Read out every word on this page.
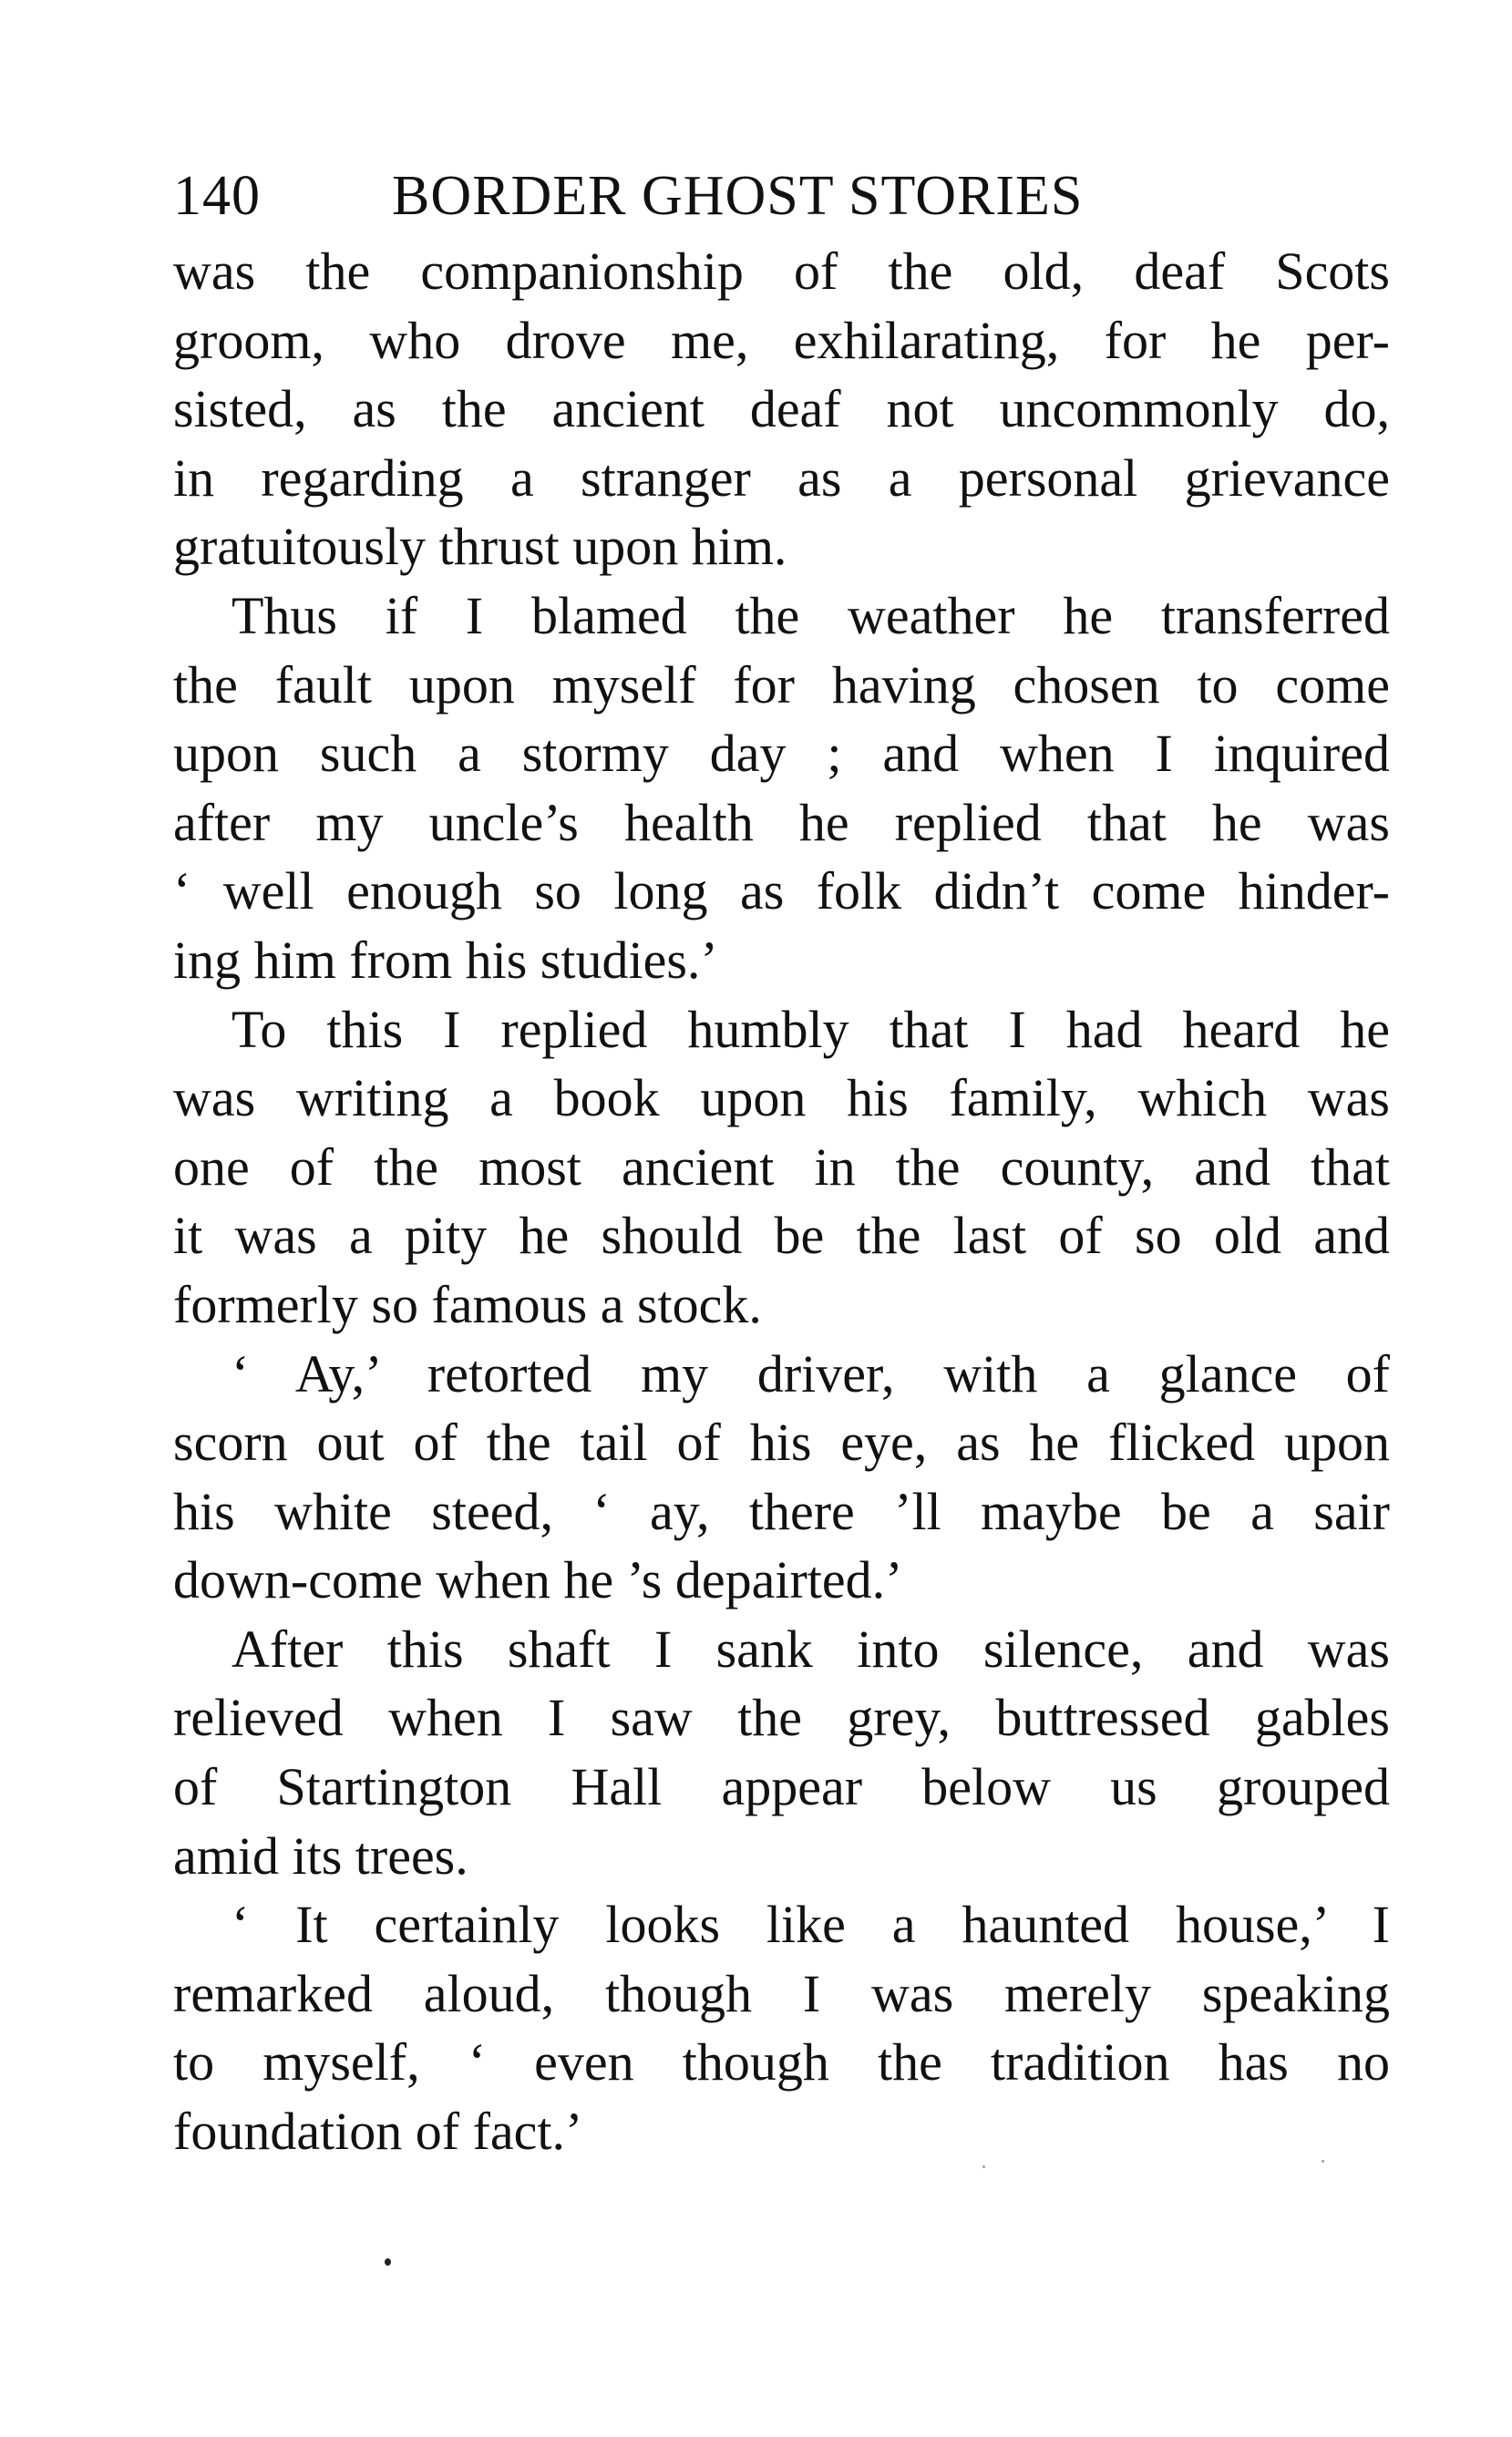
140 BORDER GHOST STORIES
was the companionship of the old, deaf Scots
groom, who drove me, exhilarating, for he per-
sisted, as the ancient deaf not uncommonly do,
in regarding a stranger as a personal grievance
gratuitously thrust upon him.
Thus if I blamed the weather he transferred
the fault upon myself for having chosen to come
upon such a stormy day ; and when I inquired
after my uncle’s health he replied that he was
‘ well enough so long as folk didn’t come hinder-
ing him from his studies.’
To this I replied humbly that I had heard he
was writing a book upon his family, which was
one of the most ancient in the county, and that
it was a pity he should be the last of so old and
formerly so famous a stock.
‘ Ay,’ retorted my driver, with a glance of
scorn out of the tail of his eye, as he flicked upon
his white steed, ‘ ay, there ’ll maybe be a sair
down-come when he ’s depairted.’
After this shaft I sank into silence, and was
relieved when I saw the grey, buttressed gables
of Startington Hall appear below us grouped
amid its trees.
‘ It certainly looks like a haunted house,’ I
remarked aloud, though I was merely speaking
to myself, ‘ even though the tradition has no
foundation of fact.’
